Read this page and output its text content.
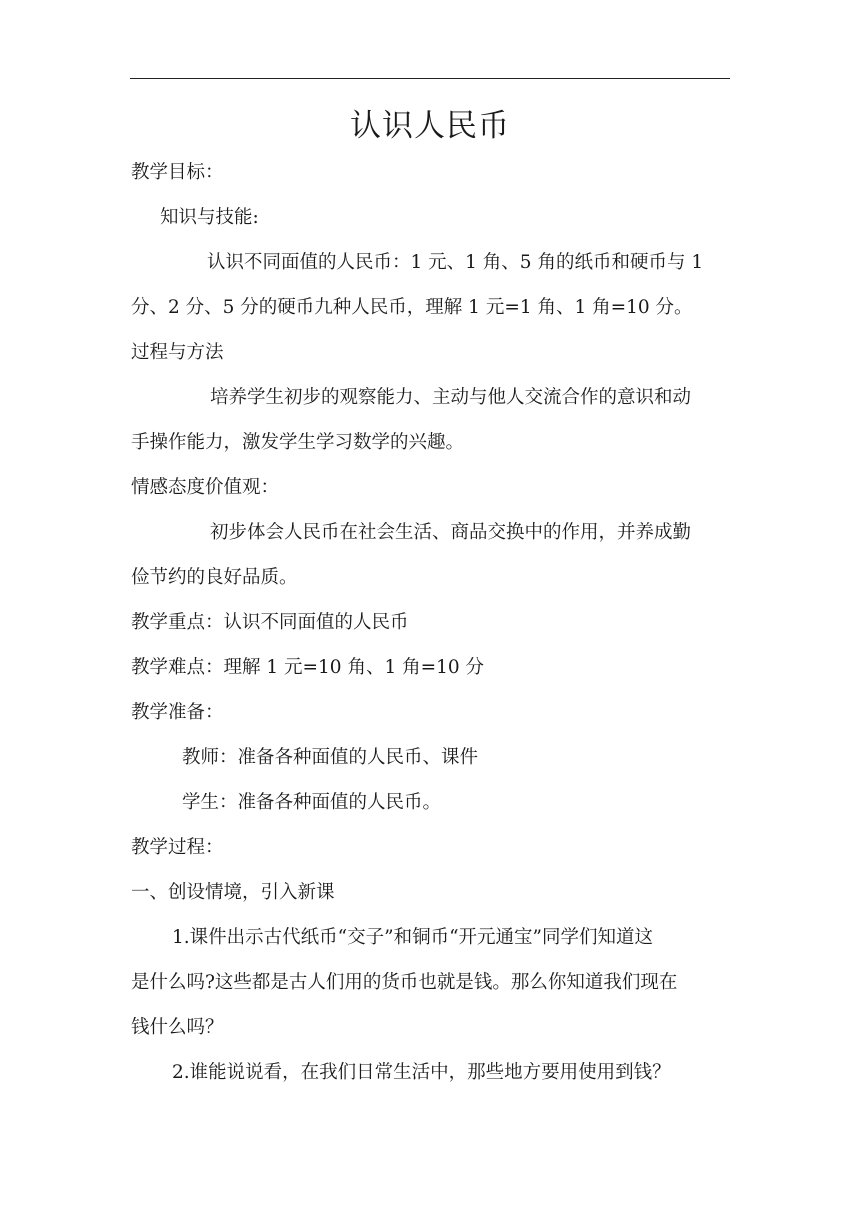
认识人民币
教学目标：
知识与技能:
认识不同面值的人民币：1 元、1 角、5 角的纸币和硬币与 1
分、2 分、5 分的硬币九种人民币，理解 1 元=1 角、1 角=10 分。
过程与方法
培养学生初步的观察能力、主动与他人交流合作的意识和动
手操作能力，激发学生学习数学的兴趣。
情感态度价值观：
初步体会人民币在社会生活、商品交换中的作用，并养成勤
俭节约的良好品质。
教学重点：认识不同面值的人民币
教学难点：理解 1 元=10 角、1 角=10 分
教学准备：
教师：准备各种面值的人民币、课件
学生：准备各种面值的人民币。
教学过程：
一、创设情境，引入新课
1.课件出示古代纸币“交子”和铜币“开元通宝”同学们知道这
是什么吗?这些都是古人们用的货币也就是钱。那么你知道我们现在
钱什么吗？
2.谁能说说看，在我们日常生活中，那些地方要用使用到钱？
